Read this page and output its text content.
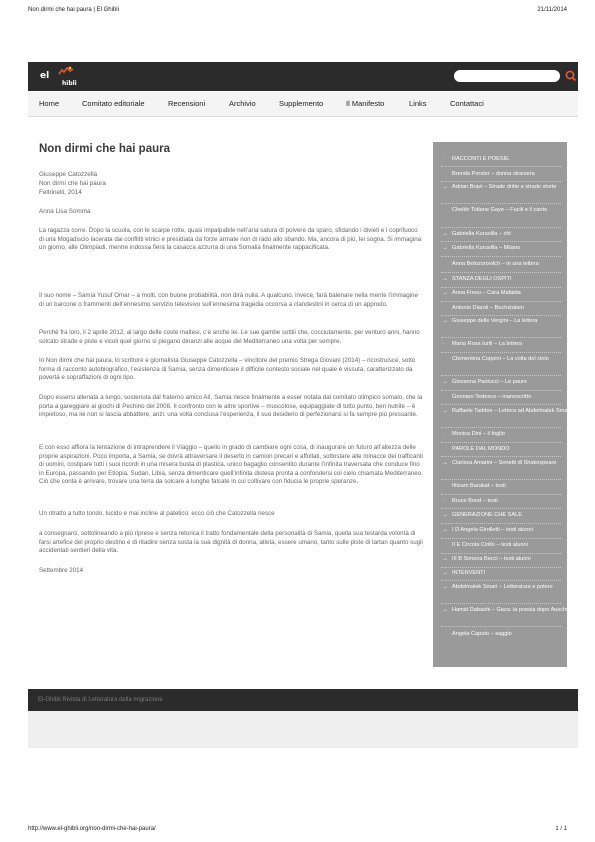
Non dirmi che hai paura | El Ghibli	21/11/2014
el
hibli
Home	Comitato editoriale	Recensioni	Archivio	Supplemento	Il Manifesto	Links	Contattaci
Non dirmi che hai paura
Giuseppe Catozzella
Non dirmi che hai paura
Feltrinelli, 2014
Anna Lisa Somma

La ragazza corre. Dopo la scuola, con le scarpe rotte, quasi impalpabile nell’aria satura di polvere da sparo, sfidando i divieti e i coprifuoco di una Mogadiscio lacerata dai conflitti etnici e presidiata da forze armate non di rado allo sbando. Ma, ancora di più, lei sogna. Si immagina un giorno, alle Olimpiadi, mentre indossa fiera la casacca azzurra di una Somalia finalmente rappacificata.

Il suo nome – Samia Yusuf Omar – a molti, con buone probabilità, non dirà nulla. A qualcuno, invece, farà balenare nella mente l’immagine di un barcone o frammenti dell’ennesimo servizio televisivo sull’ennesima tragedia occorsa a clandestini in cerca di un approdo.

Perché fra loro, il 2 aprile 2012, al largo delle coste maltesi, c’è anche lei. Le sue gambe sottili che, cocciutamente, per venturo anni, hanno solcato strade e piste e vicoli quel giorno si piegano dinanzi alle acque del Mediterraneo una volta per sempre.

In Non dirmi che hai paura, lo scrittore e giornalista Giuseppe Catozzella – vincitore del premio Strega Giovani (2014) – ricostruisce, sotto forma di racconto autobiografico, l’esistenza di Samia, senza dimenticare il difficile contesto sociale nel quale è vissuta, caratterizzato da povertà e sopraffazioni di ogni tipo.

Dopo essersi allenata a lungo, sostenuta dal fraterno amico Alì, Samia riesce finalmente a esser notata dal comitato olimpico somalo, che la porta a gareggiare ai giochi di Pechino del 2008. Il confronto con le altre sportive – muscolose, equipaggiate di tutto punto, ben nutrite – è impietoso, ma lei non si lascia abbattere, anzi: una volta conclusa l’esperienza, il suo desiderio di perfezionarsi si fa sempre più pressante.

E con esso affiora la tentazione di intraprendere il Viaggio – quello in grado di cambiare ogni cosa, di inaugurare un futuro all’altezza delle proprie aspirazioni. Poco importa, a Samia, se dovrà attraversare il deserto in camion precari e affollati, sottostare alle minacce dei trafficanti di uomini, costipare tutti i suoi ricordi in una misera busta di plastica, unico bagaglio consentito durante l’infinita traversata che conduce fino in Europa, passando per Etiopia, Sudan, Libia, senza dimenticare quell’infinita distesa pronta a confondersi col cielo chiamata Mediterraneo. Ciò che conta è arrivare, trovare una terra da solcare a lunghe falcate in cui coltivare con fiducia le proprie speranze.

Un ritratto a tutto tondo, lucido e mai incline al patetico: ecco ciò che Catozzella riesce

a consegnarci, sottolineando a più riprese e senza retorica il tratto fondamentale della personalità di Samia, quella sua testarda volontà di farsi artefice del proprio destino e di ritadire senza sosta la sua dignità di donna, atleta, essere umano, tanto sulle piste di tartan quanto sugli accidentati sentieri della vita.

Settembre 2014

· RACCONTI E POESIE
Brenda Porster – donna straniera
→ Adrian Bravi – Strade dritte e strade storte
Cheikh Tidiane Gaye – Fucili e il canto
→ Gabriella Kuruvilla – chi
→ Gabriella Kuruvilla – Milano
Anna Belozorovitch – in una lettera
→ STANZA DEGLI OSPITI
→ Anna Fresu – Cara Mafalda
Antonio Diaroli – Buchstaben
→ Giuseppe delle Vergini – La lettera
· Maria Rosa Iurili – La lettera
Clementina Coppini – La volta del cielo
→ Giovanna Paolucci – Le paure
Gennaro Tedesco – manoscritto
→ Raffaele Taddeo – Lettera ad Abdelmalek Smari
· Monica Dini – il foglio
PAROLE DAL MONDO
→ Clarissa Amarini – Sonetti di Shakespeare
Ittisam Barakat – testi
· Bruce Bond – testi
→ GENERAZIONE CHE SALE
→ I D Angela Girolletti – testi alunni
II E Circola Cirillo – testi alunni
→ III B Simona Becci – testi alunni
→ INTERVENTI
→ Abdelmalek Smari – Letteratura e potere
→ Hamid Dabashi – Gaza: la poesia dopo Auschwitz
Angela Caputo – saggio
El-Ghibli Rivista di Letteratura della migrazione
http://www.el-ghibli.org/non-dirmi-che-hai-paura/	1 / 1
